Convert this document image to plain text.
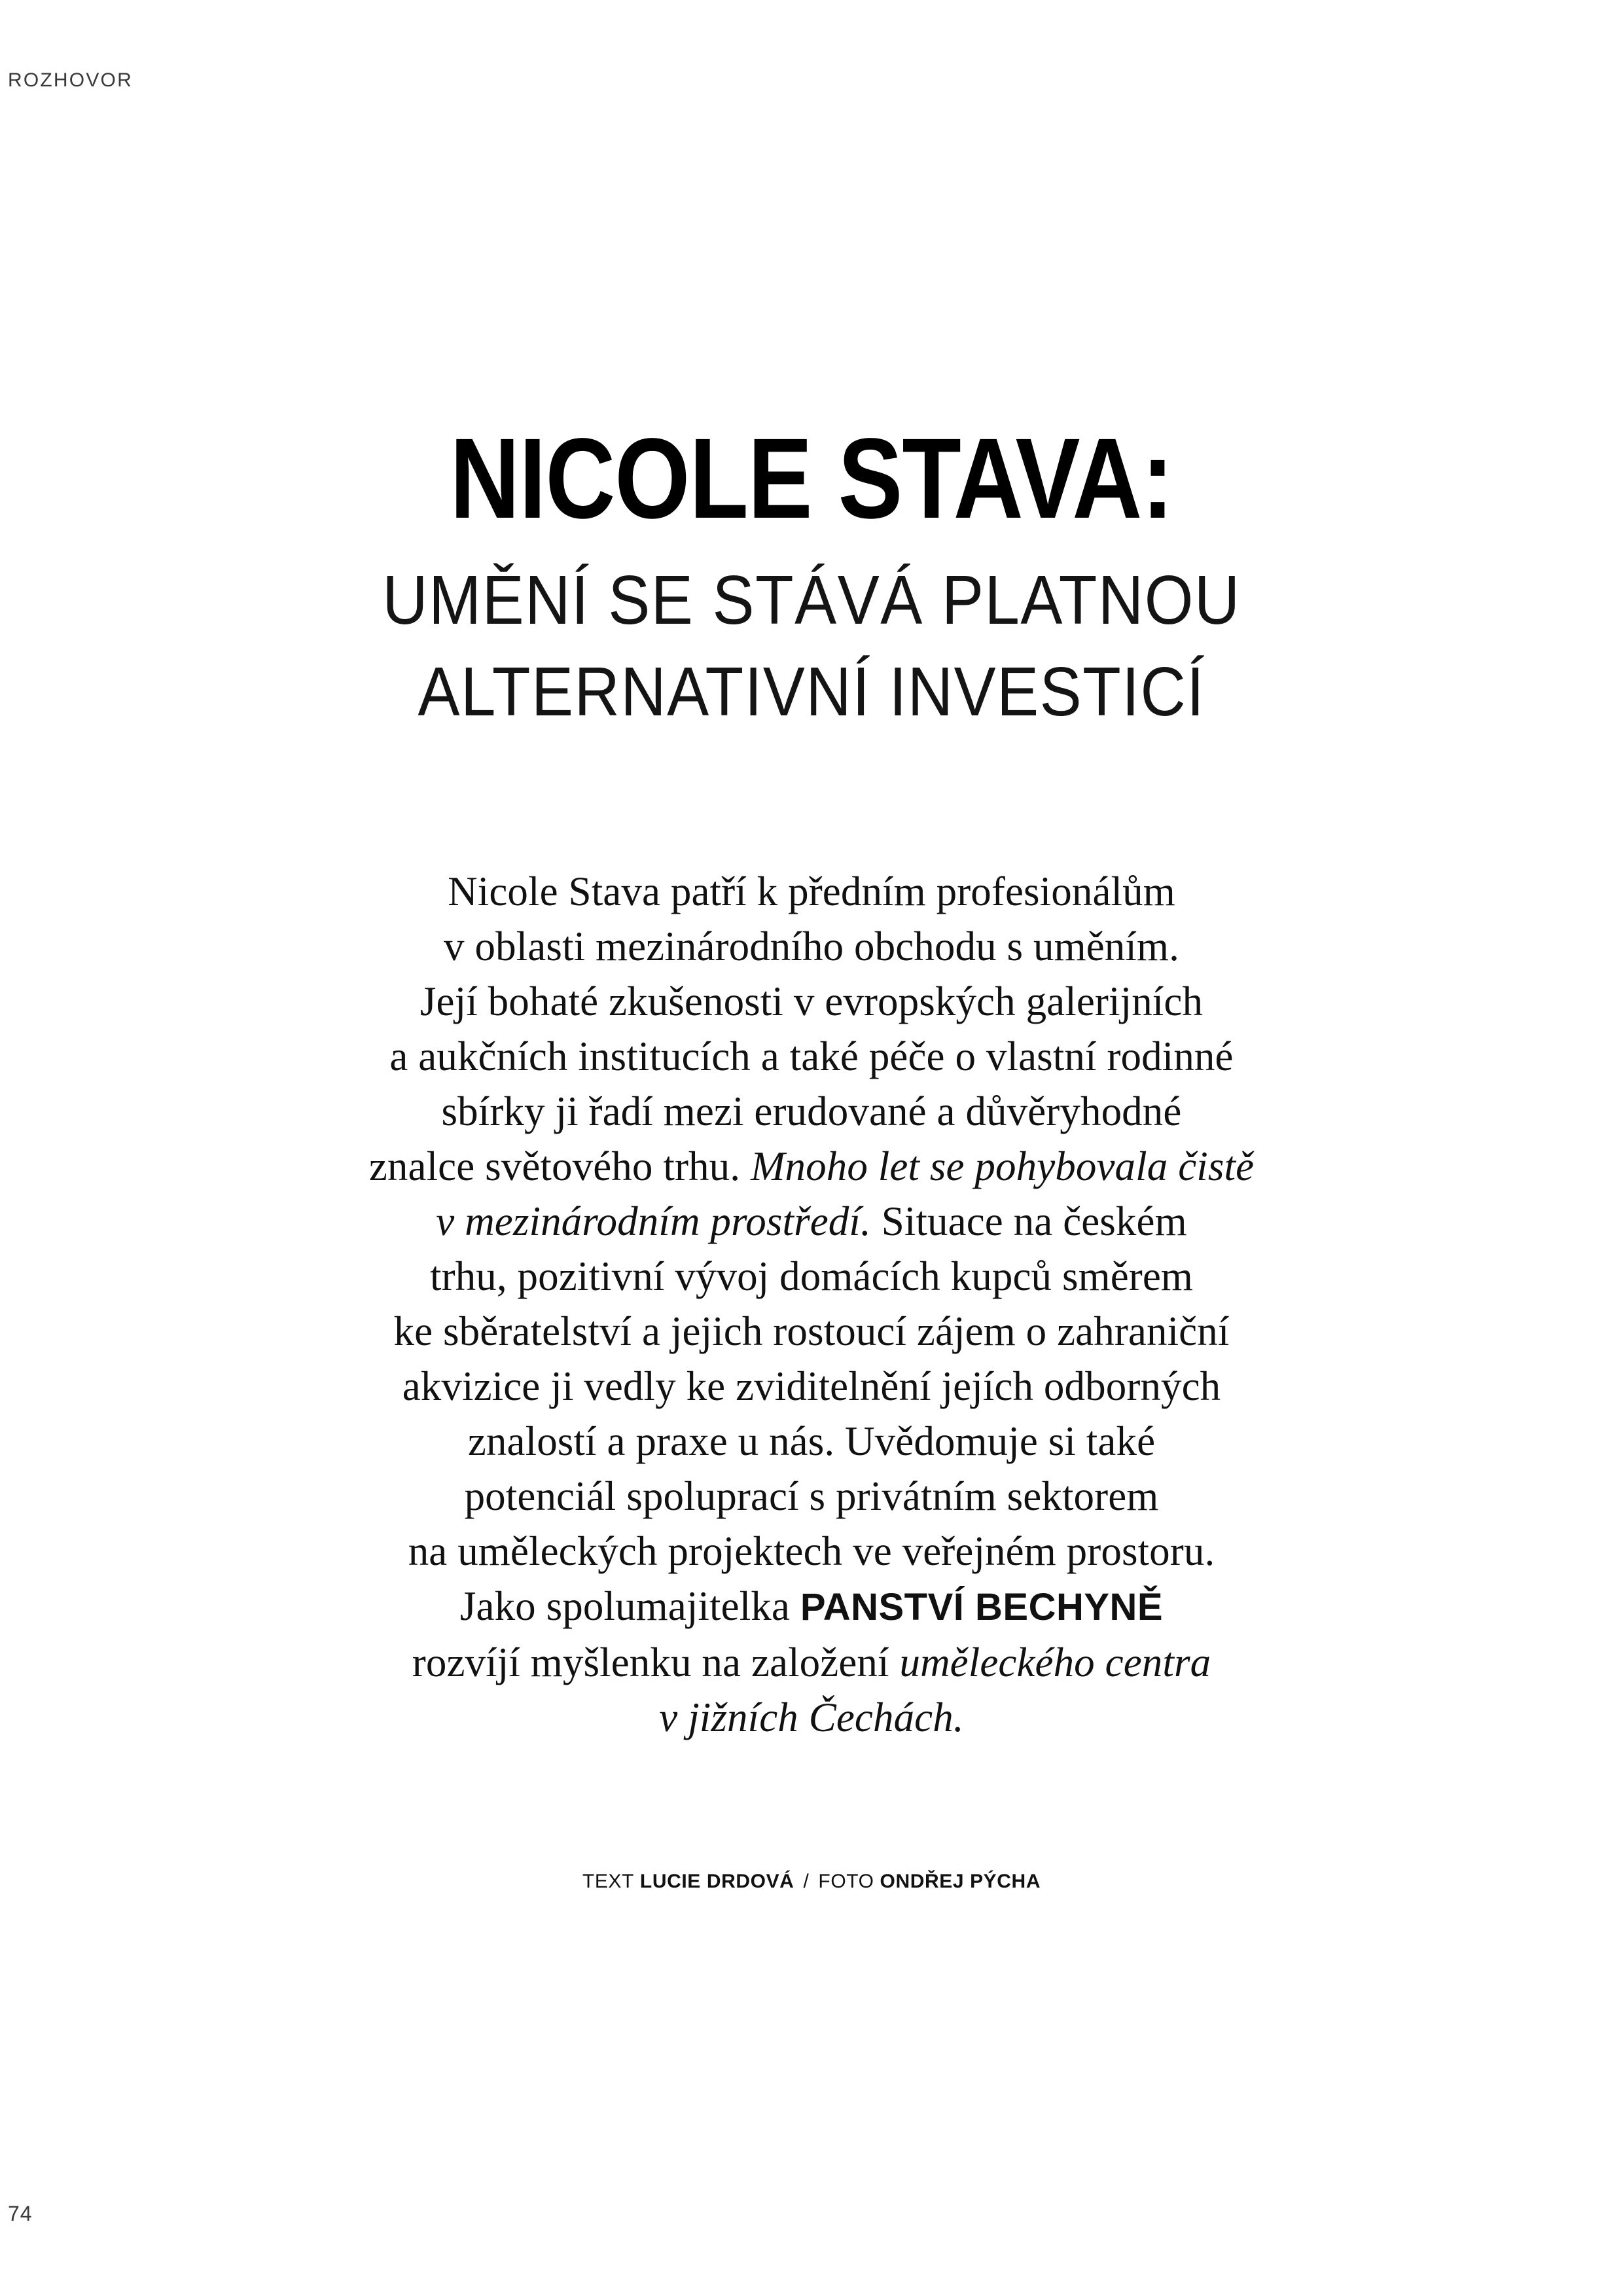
ROZHOVOR
NICOLE STAVA:
UMĚNÍ SE STÁVÁ PLATNOU
ALTERNATIVNÍ INVESTICÍ
Nicole Stava patří k předním profesionálům
v oblasti mezinárodního obchodu s uměním.
Její bohaté zkušenosti v evropských galerijních
a aukčních institucích a také péče o vlastní rodinné
sbírky ji řadí mezi erudované a důvěryhodné
znalce světového trhu. Mnoho let se pohybovala čistě
v mezinárodním prostředí. Situace na českém
trhu, pozitivní vývoj domácích kupců směrem
ke sběratelství a jejich rostoucí zájem o zahraniční
akvizice ji vedly ke zviditelnění jejích odborných
znalostí a praxe u nás. Uvědomuje si také
potenciál spoluprací s privátním sektorem
na uměleckých projektech ve veřejném prostoru.
Jako spolumajitelka PANSTVÍ BECHYNĚ
rozvíjí myšlenku na založení uměleckého centra
v jižních Čechách.
TEXT LUCIE DRDOVÁ / FOTO ONDŘEJ PÝCHA
74
